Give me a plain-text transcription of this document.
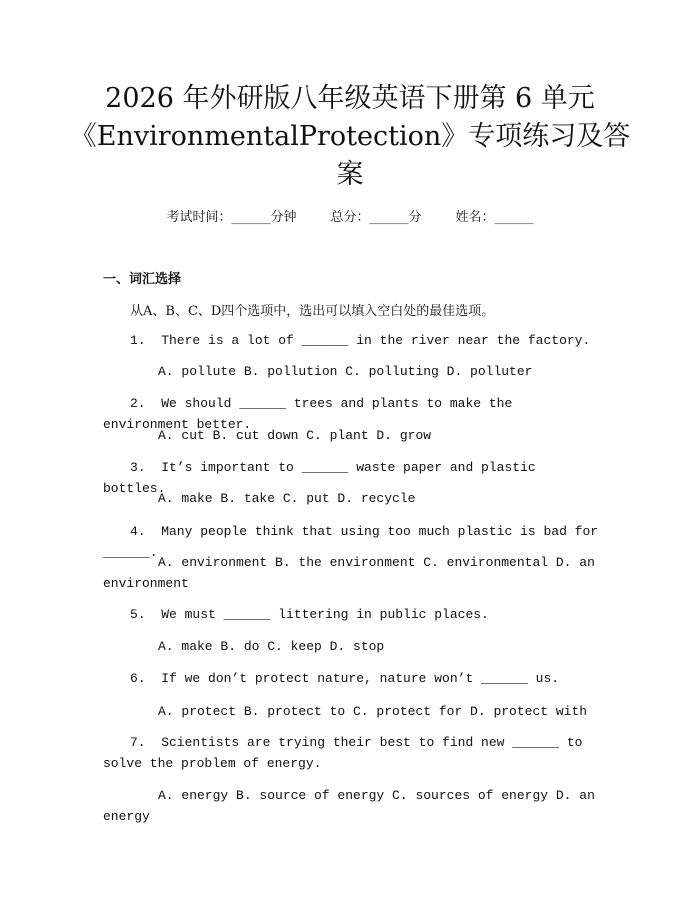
2026 年外研版八年级英语下册第 6 单元
《EnvironmentalProtection》专项练习及答
案
考试时间：______分钟	总分：______分	姓名：______
一、词汇选择
从A、B、C、D四个选项中，选出可以填入空白处的最佳选项。
1.  There is a lot of ______ in the river near the factory.
A. pollute B. pollution C. polluting D. polluter
2.  We should ______ trees and plants to make the environment better.
A. cut B. cut down C. plant D. grow
3.  It’s important to ______ waste paper and plastic bottles.
A. make B. take C. put D. recycle
4.  Many people think that using too much plastic is bad for ______.
A. environment B. the environment C. environmental D. an environment
5.  We must ______ littering in public places.
A. make B. do C. keep D. stop
6.  If we don’t protect nature, nature won’t ______ us.
A. protect B. protect to C. protect for D. protect with
7.  Scientists are trying their best to find new ______ to solve the problem of energy.
A. energy B. source of energy C. sources of energy D. an energy
